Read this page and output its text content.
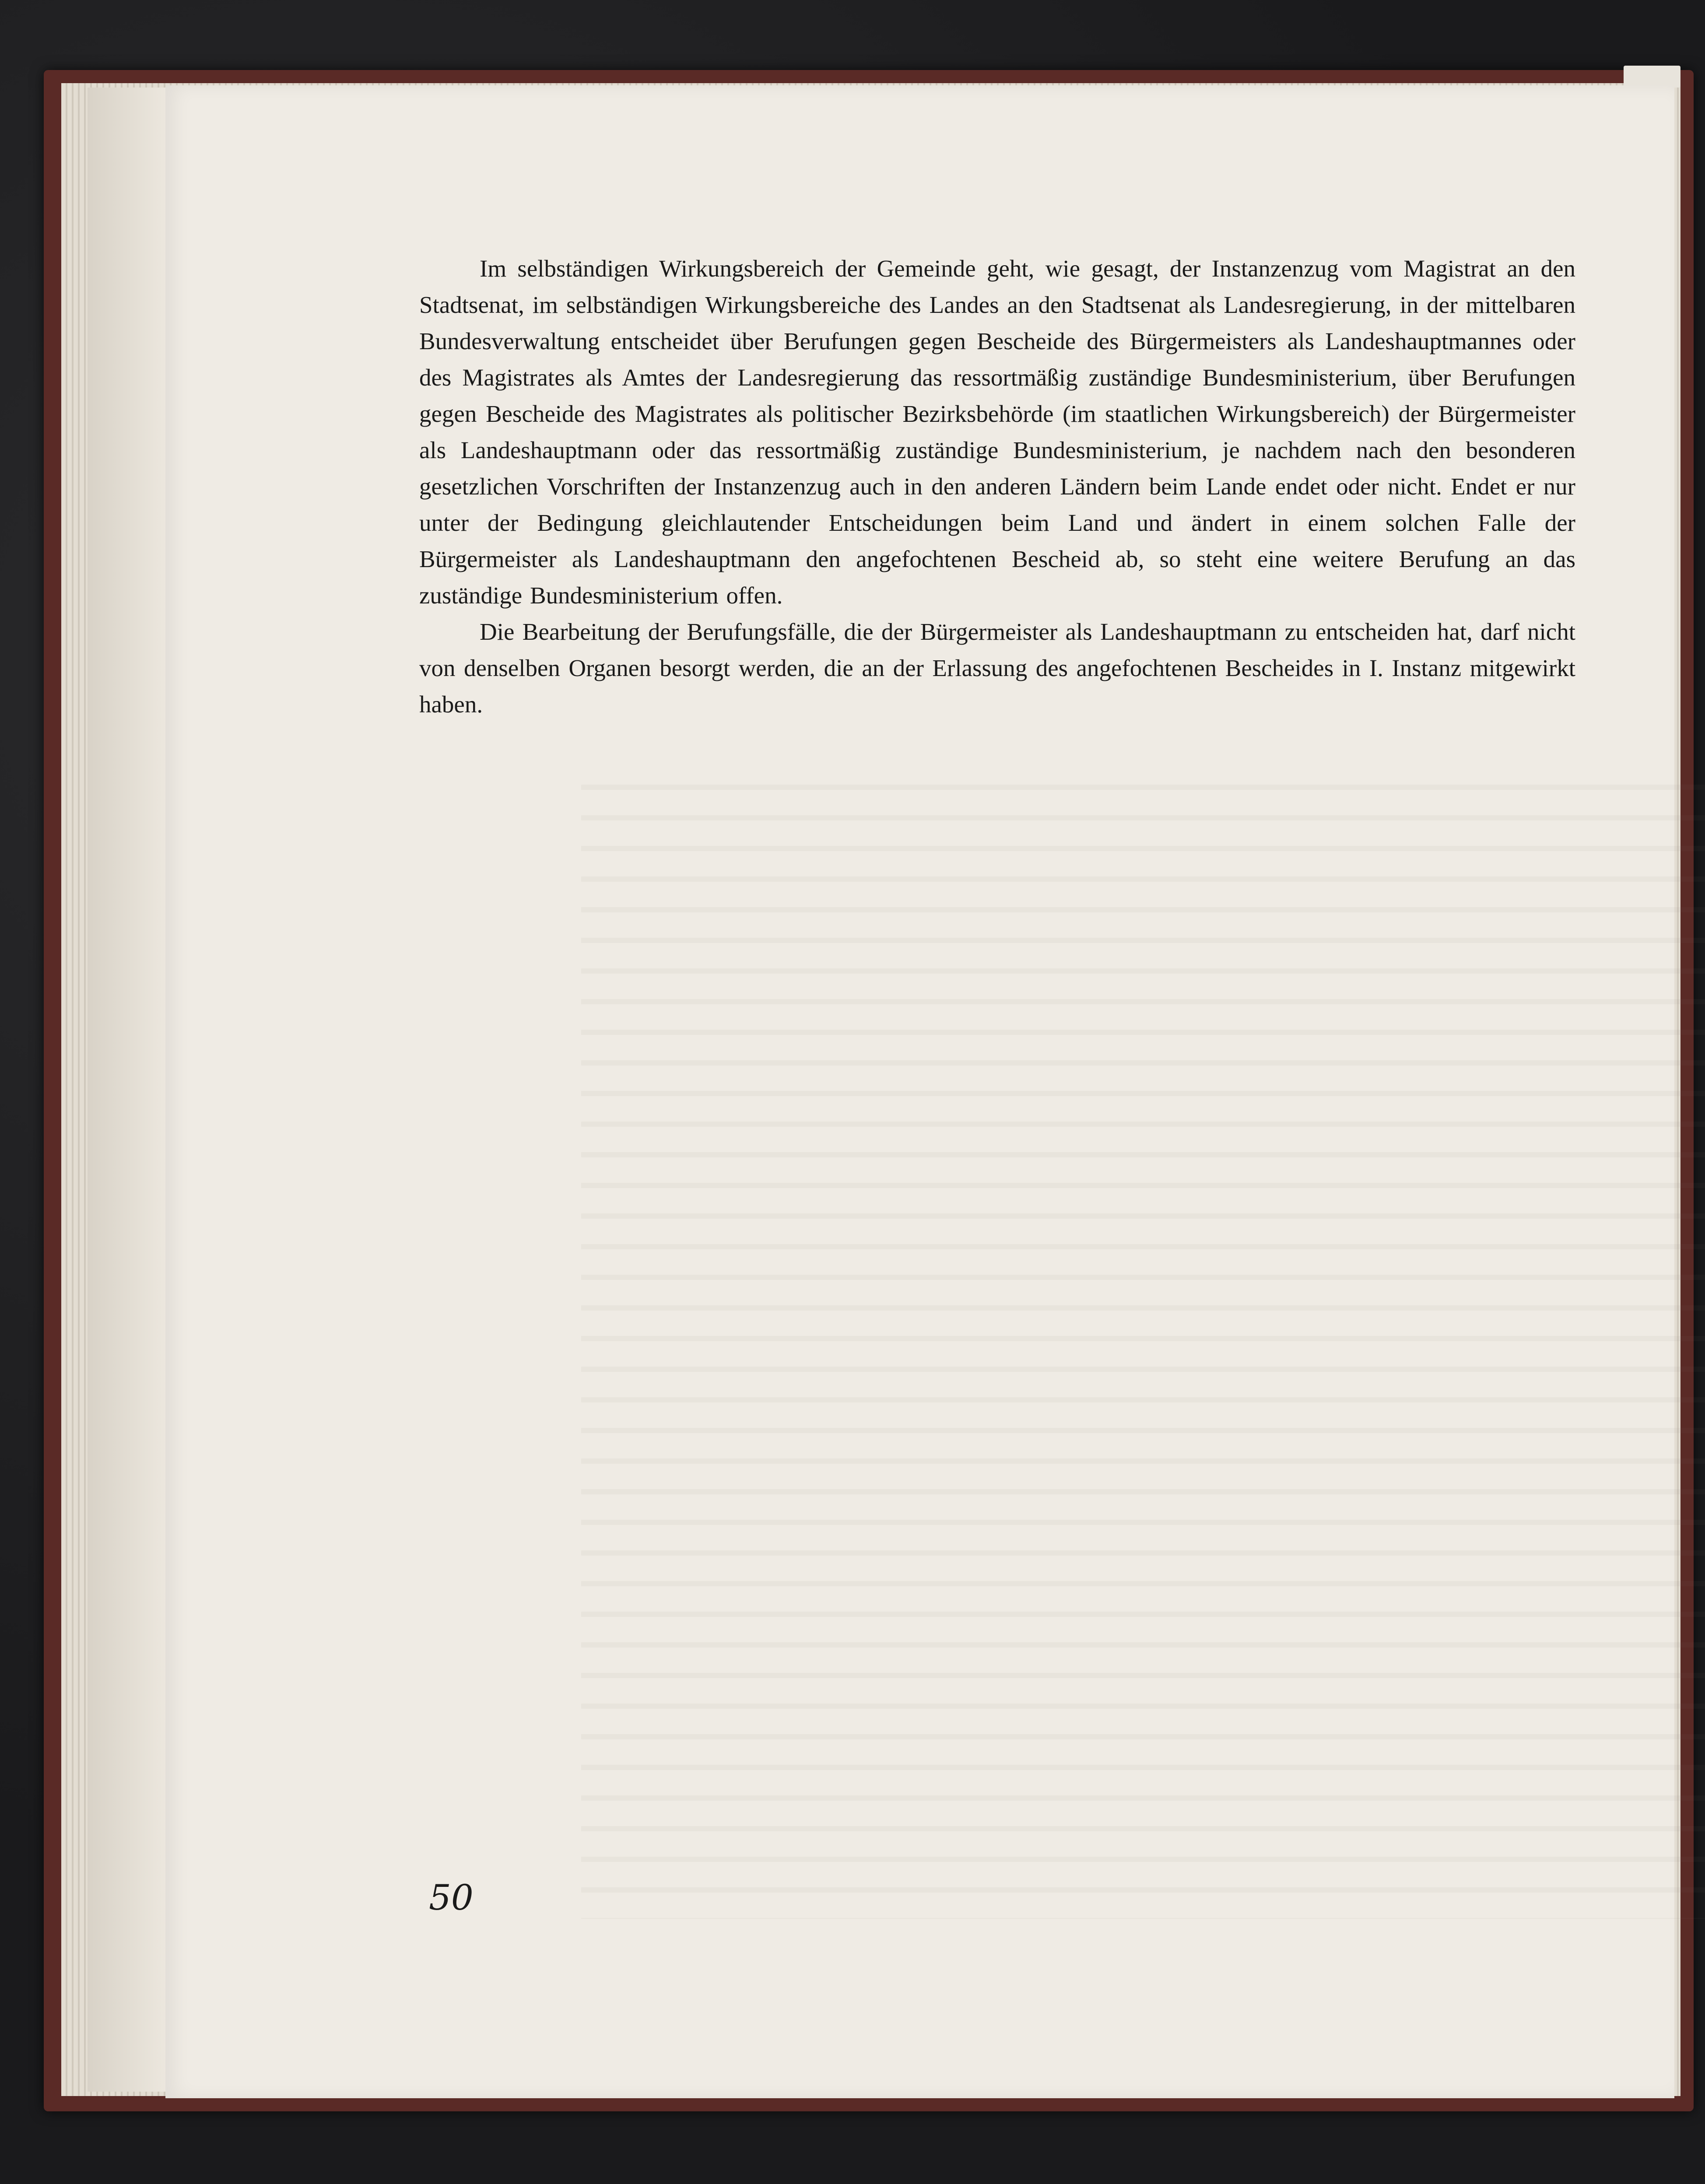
Im selbständigen Wirkungsbereich der Gemeinde geht, wie gesagt, der Instanzenzug vom Magistrat an den Stadtsenat, im selbständigen Wirkungsbereiche des Landes an den Stadtsenat als Landesregierung, in der mittelbaren Bundesverwaltung entscheidet über Berufungen gegen Bescheide des Bürgermeisters als Landeshauptmannes oder des Magistrates als Amtes der Landesregierung das ressortmäßig zuständige Bundesministerium, über Berufungen gegen Bescheide des Magistrates als politischer Bezirksbehörde (im staatlichen Wirkungsbereich) der Bürgermeister als Landeshauptmann oder das ressortmäßig zuständige Bundesministerium, je nachdem nach den besonderen gesetzlichen Vorschriften der Instanzenzug auch in den anderen Ländern beim Lande endet oder nicht. Endet er nur unter der Bedingung gleichlautender Entscheidungen beim Land und ändert in einem solchen Falle der Bürgermeister als Landeshauptmann den angefochtenen Bescheid ab, so steht eine weitere Berufung an das zuständige Bundesministerium offen.

Die Bearbeitung der Berufungsfälle, die der Bürgermeister als Landeshauptmann zu entscheiden hat, darf nicht von denselben Organen besorgt werden, die an der Erlassung des angefochtenen Bescheides in I. Instanz mitgewirkt haben.

50
